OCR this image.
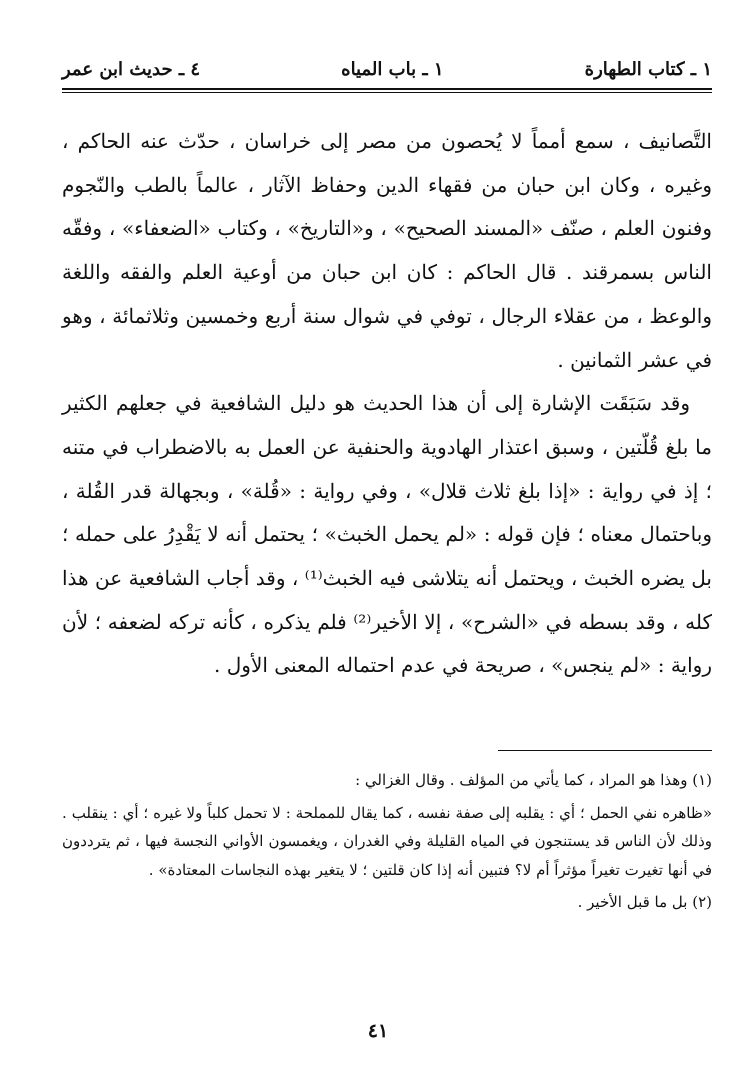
١ ـ كتاب الطهارة
١ ـ باب المياه
٤ ـ حديث ابن عمر

التَّصانيف ، سمع أمماً لا يُحصون من مصر إلى خراسان ، حدّث عنه الحاكم ، وغيره ، وكان ابن حبان من فقهاء الدين وحفاظ الآثار ، عالماً بالطب والنّجوم وفنون العلم ، صنّف «المسند الصحيح» ، و«التاريخ» ، وكتاب «الضعفاء» ، وفقّه الناس بسمرقند . قال الحاكم : كان ابن حبان من أوعية العلم والفقه واللغة والوعظ ، من عقلاء الرجال ، توفي في شوال سنة أربع وخمسين وثلاثمائة ، وهو في عشر الثمانين .

وقد سَبَقَت الإشارة إلى أن هذا الحديث هو دليل الشافعية في جعلهم الكثير ما بلغ قُلّتين ، وسبق اعتذار الهادوية والحنفية عن العمل به بالاضطراب في متنه ؛ إذ في رواية : «إذا بلغ ثلاث قلال» ، وفي رواية : «قُلة» ، وبجهالة قدر القُلة ، وباحتمال معناه ؛ فإن قوله : «لم يحمل الخبث» ؛ يحتمل أنه لا يَقْدِرُ على حمله ؛ بل يضره الخبث ، ويحتمل أنه يتلاشى فيه الخبث⁽¹⁾ ، وقد أجاب الشافعية عن هذا كله ، وقد بسطه في «الشرح» ، إلا الأخير⁽²⁾ فلم يذكره ، كأنه تركه لضعفه ؛ لأن رواية : «لم ينجس» ، صريحة في عدم احتماله المعنى الأول .

(١) وهذا هو المراد ، كما يأتي من المؤلف . وقال الغزالي :

«ظاهره نفي الحمل ؛ أي : يقلبه إلى صفة نفسه ، كما يقال للمملحة : لا تحمل كلباً ولا غيره ؛ أي : ينقلب . وذلك لأن الناس قد يستنجون في المياه القليلة وفي الغدران ، ويغمسون الأواني النجسة فيها ، ثم يترددون في أنها تغيرت تغيراً مؤثراً أم لا؟ فتبين أنه إذا كان قلتين ؛ لا يتغير بهذه النجاسات المعتادة» .

(٢) بل ما قبل الأخير .

٤١
